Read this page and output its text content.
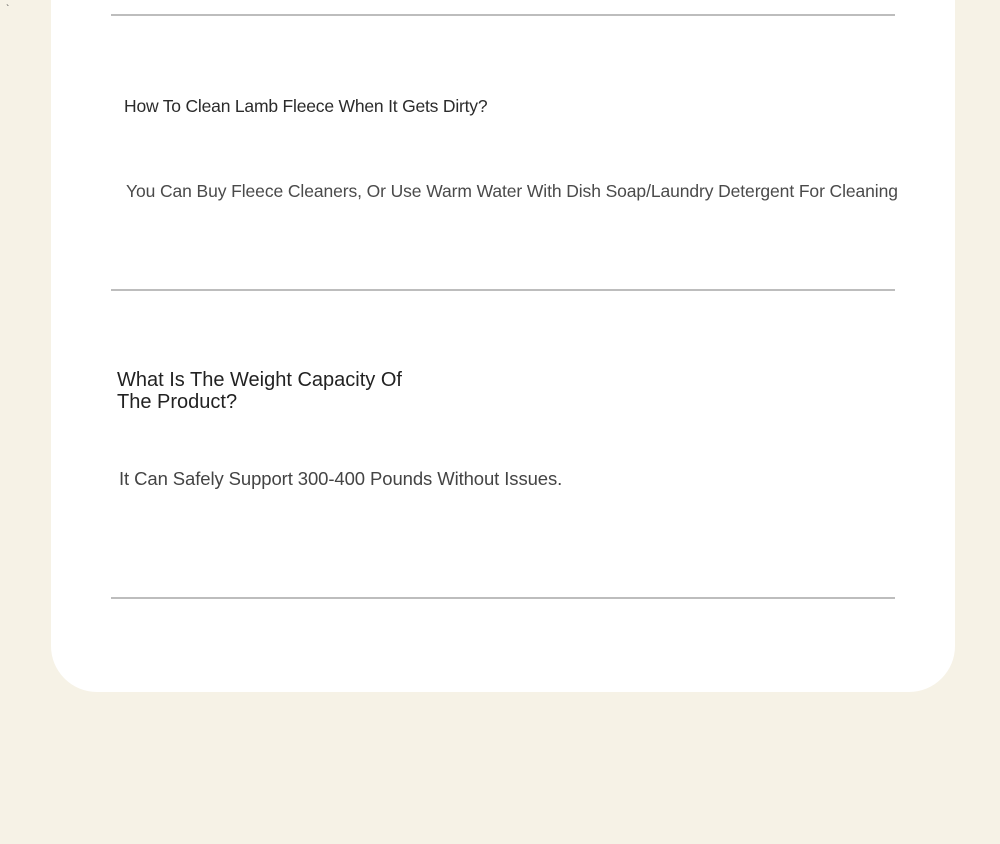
`
How To Clean Lamb Fleece When It Gets Dirty?
You Can Buy Fleece Cleaners, Or Use Warm Water With Dish Soap/Laundry Detergent For Cleaning
What Is The Weight Capacity Of The Product?
It Can Safely Support 300-400 Pounds Without Issues.
